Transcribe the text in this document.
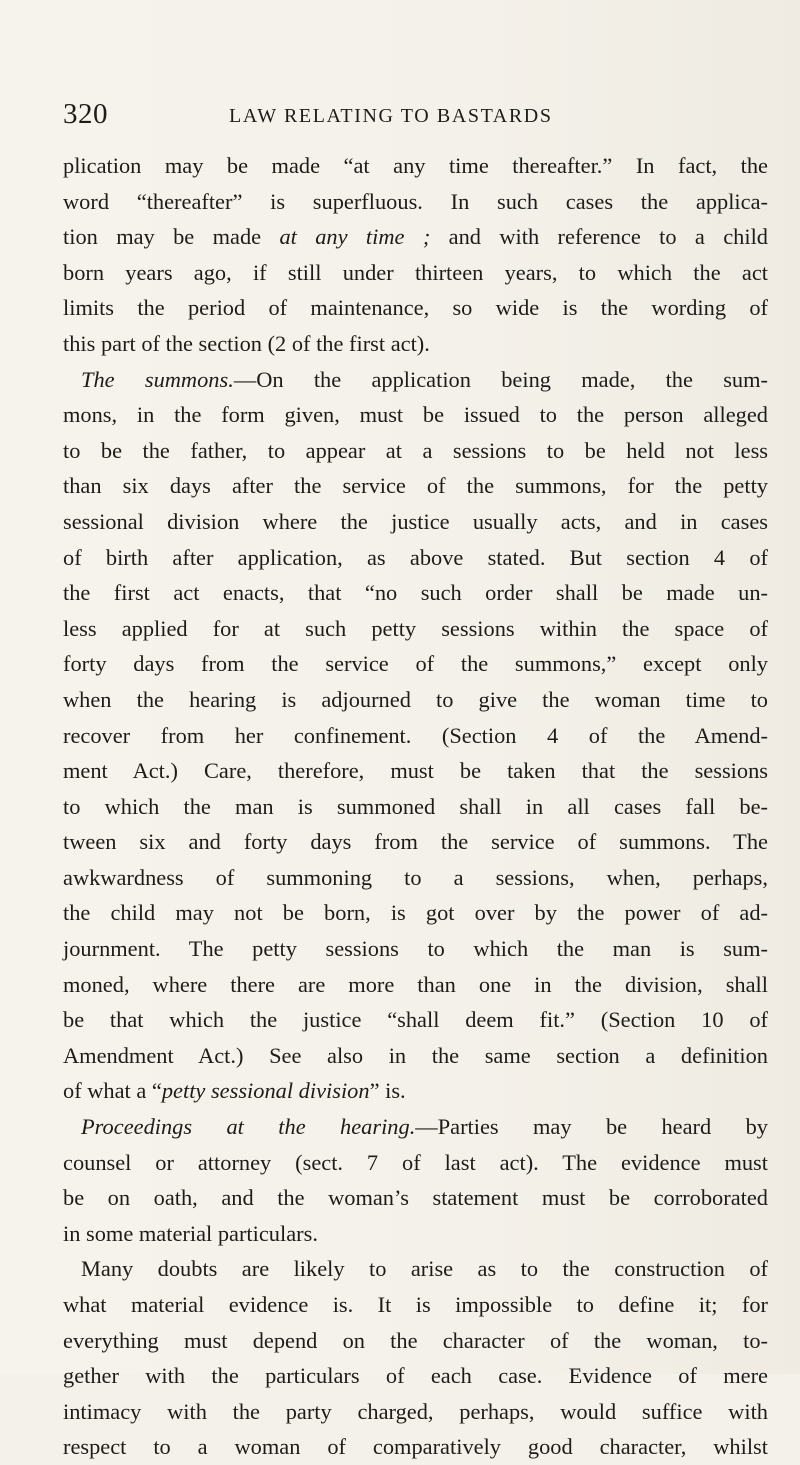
320	LAW RELATING TO BASTARDS
plication may be made “at any time thereafter.” In fact, the
word “thereafter” is superfluous. In such cases the applica-
tion may be made at any time ; and with reference to a child
born years ago, if still under thirteen years, to which the act
limits the period of maintenance, so wide is the wording of
this part of the section (2 of the first act).
The summons.—On the application being made, the sum-
mons, in the form given, must be issued to the person alleged
to be the father, to appear at a sessions to be held not less
than six days after the service of the summons, for the petty
sessional division where the justice usually acts, and in cases
of birth after application, as above stated. But section 4 of
the first act enacts, that “no such order shall be made un-
less applied for at such petty sessions within the space of
forty days from the service of the summons,” except only
when the hearing is adjourned to give the woman time to
recover from her confinement. (Section 4 of the Amend-
ment Act.) Care, therefore, must be taken that the sessions
to which the man is summoned shall in all cases fall be-
tween six and forty days from the service of summons. The
awkwardness of summoning to a sessions, when, perhaps,
the child may not be born, is got over by the power of ad-
journment. The petty sessions to which the man is sum-
moned, where there are more than one in the division, shall
be that which the justice “shall deem fit.” (Section 10 of
Amendment Act.) See also in the same section a definition
of what a “petty sessional division” is.
Proceedings at the hearing.—Parties may be heard by
counsel or attorney (sect. 7 of last act). The evidence must
be on oath, and the woman’s statement must be corroborated
in some material particulars.
Many doubts are likely to arise as to the construction of
what material evidence is. It is impossible to define it; for
everything must depend on the character of the woman, to-
gether with the particulars of each case. Evidence of mere
intimacy with the party charged, perhaps, would suffice with
respect to a woman of comparatively good character, whilst
